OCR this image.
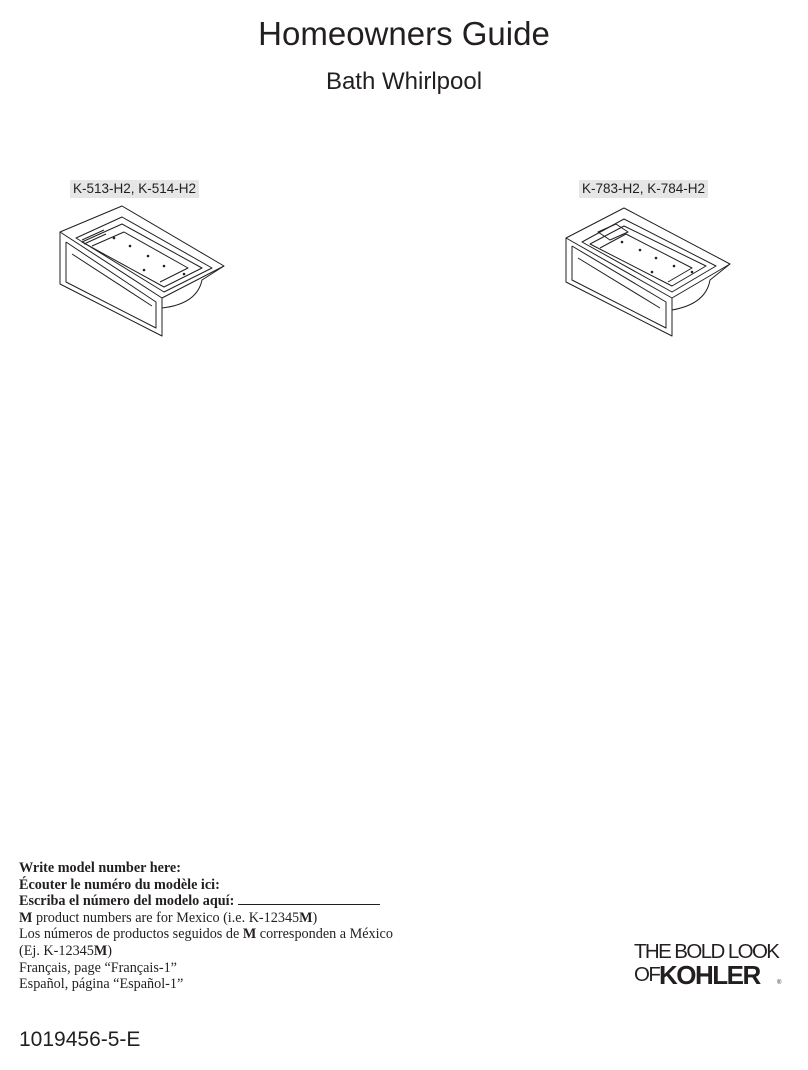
Homeowners Guide
Bath Whirlpool
K-513-H2, K-514-H2	K-783-H2, K-784-H2
Write model number here:
Écouter le numéro du modèle ici:
Escriba el número del modelo aquí:
M product numbers are for Mexico (i.e. K-12345M)
Los números de productos seguidos de M corresponden a México
(Ej. K-12345M)
Français, page “Français-1”
Español, página “Español-1”
THE BOLD LOOK
OF KOHLER	®
1019456-5-E
